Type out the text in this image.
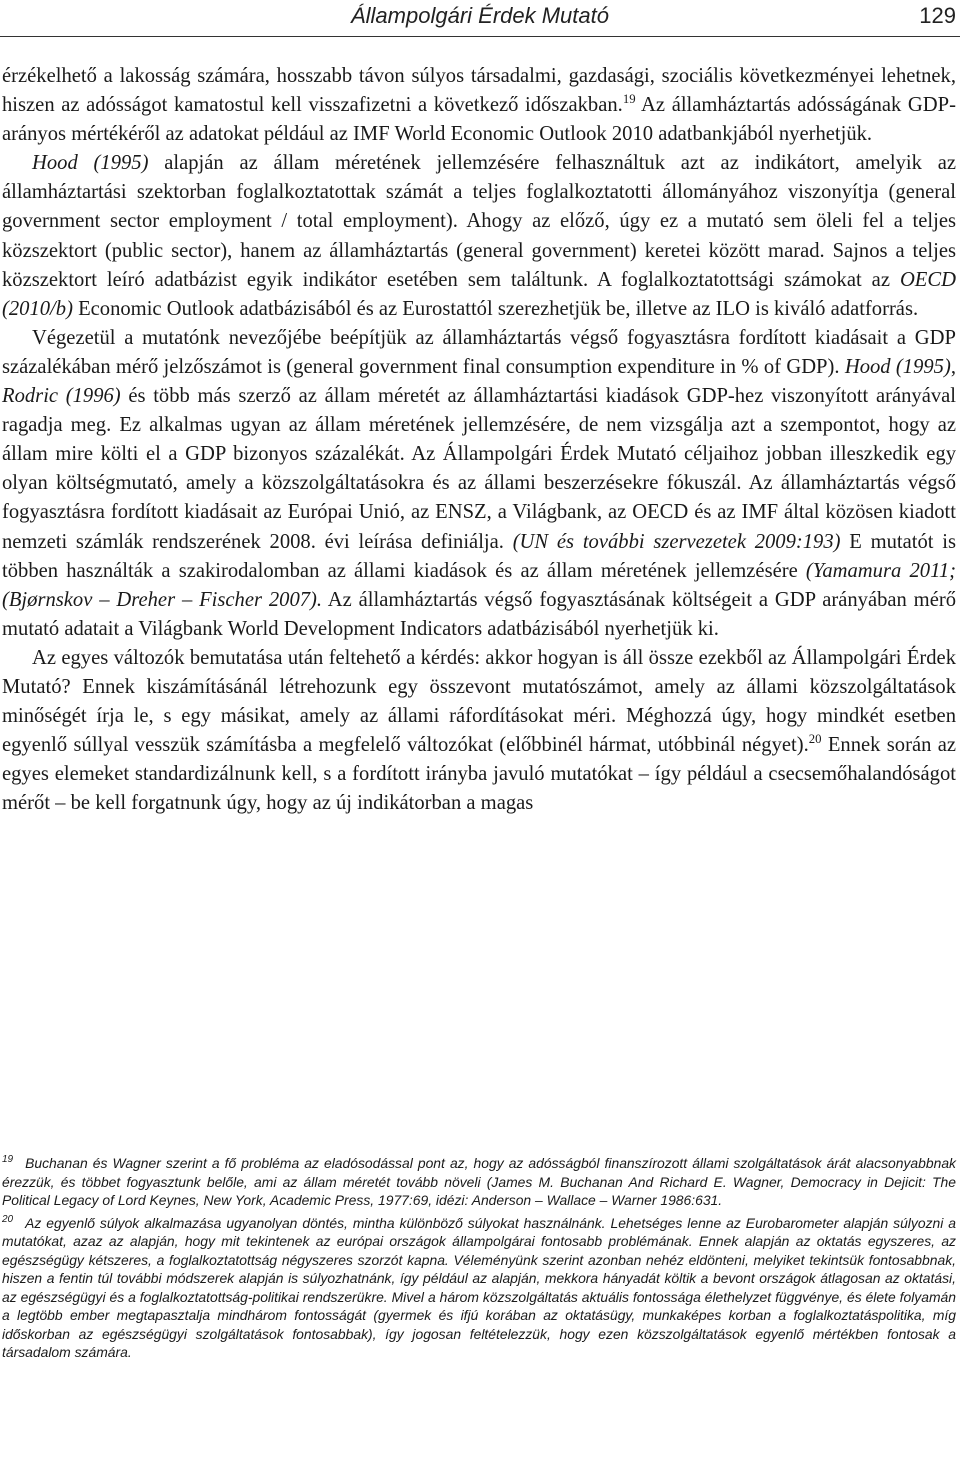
Állampolgári Érdek Mutató	129

érzékelhető a lakosság számára, hosszabb távon súlyos társadalmi, gazdasági, szociális következményei lehetnek, hiszen az adósságot kamatostul kell visszafizetni a következő időszakban.$^{19}$ Az államháztartás adósságának GDP-arányos mértékéről az adatokat például az IMF World Economic Outlook 2010 adatbankjából nyerhetjük.

Hood (1995) alapján az állam méretének jellemzésére felhasználtuk azt az indikátort, amelyik az államháztartási szektorban foglalkoztatottak számát a teljes foglalkoztatotti állományához viszonyítja (general government sector employment / total employment). Ahogy az előző, úgy ez a mutató sem öleli fel a teljes közszektort (public sector), hanem az államháztartás (general government) keretei között marad. Sajnos a teljes közszektort leíró adatbázist egyik indikátor esetében sem találtunk. A foglalkoztatottsági számokat az OECD (2010/b) Economic Outlook adatbázisából és az Eurostattól szerezhetjük be, illetve az ILO is kiváló adatforrás.

Végezetül a mutatónk nevezőjébe beépítjük az államháztartás végső fogyasztásra fordított kiadásait a GDP százalékában mérő jelzőszámot is (general government final consumption expenditure in % of GDP). Hood (1995), Rodric (1996) és több más szerző az állam méretét az államháztartási kiadások GDP-hez viszonyított arányával ragadja meg. Ez alkalmas ugyan az állam méretének jellemzésére, de nem vizsgálja azt a szempontot, hogy az állam mire költi el a GDP bizonyos százalékát. Az Állampolgári Érdek Mutató céljaihoz jobban illeszkedik egy olyan költségmutató, amely a közszolgáltatásokra és az állami beszerzésekre fókuszál. Az államháztartás végső fogyasztásra fordított kiadásait az Európai Unió, az ENSZ, a Világbank, az OECD és az IMF által közösen kiadott nemzeti számlák rendszerének 2008. évi leírása definiálja. (UN és további szervezetek 2009:193) E mutatót is többen használták a szakirodalomban az állami kiadások és az állam méretének jellemzésére (Yamamura 2011; (Bjørnskov – Dreher – Fischer 2007). Az államháztartás végső fogyasztásának költségeit a GDP arányában mérő mutató adatait a Világbank World Development Indicators adatbázisából nyerhetjük ki.

Az egyes változók bemutatása után feltehető a kérdés: akkor hogyan is áll össze ezekből az Állampolgári Érdek Mutató? Ennek kiszámításánál létrehozunk egy összevont mutatószámot, amely az állami közszolgáltatások minőségét írja le, s egy másikat, amely az állami ráfordításokat méri. Méghozzá úgy, hogy mindkét esetben egyenlő súllyal vesszük számításba a megfelelő változókat (előbbinél hármat, utóbbinál négyet).$^{20}$ Ennek során az egyes elemeket standardizálnunk kell, s a fordított irányba javuló mutatókat – így például a csecsemőhalandóságot mérőt – be kell forgatnunk úgy, hogy az új indikátorban a magas

$^{19}$ Buchanan és Wagner szerint a fő probléma az eladósodással pont az, hogy az adósságból finanszírozott állami szolgáltatások árát alacsonyabbnak érezzük, és többet fogyasztunk belőle, ami az állam méretét tovább növeli (James M. Buchanan And Richard E. Wagner, Democracy in Dejicit: The Political Legacy of Lord Keynes, New York, Academic Press, 1977:69, idézi: Anderson – Wallace – Warner 1986:631.

$^{20}$ Az egyenlő súlyok alkalmazása ugyanolyan döntés, mintha különböző súlyokat használnánk. Lehetséges lenne az Eurobarometer alapján súlyozni a mutatókat, azaz az alapján, hogy mit tekintenek az európai országok állampolgárai fontosabb problémának. Ennek alapján az oktatás egyszeres, az egészségügy kétszeres, a foglalkoztatottság négyszeres szorzót kapna. Véleményünk szerint azonban nehéz eldönteni, melyiket tekintsük fontosabbnak, hiszen a fentin túl további módszerek alapján is súlyozhatnánk, így például az alapján, mekkora hányadát költik a bevont országok átlagosan az oktatási, az egészségügyi és a foglalkoztatottság-politikai rendszerükre. Mivel a három közszolgáltatás aktuális fontossága élethelyzet függvénye, és élete folyamán a legtöbb ember megtapasztalja mindhárom fontosságát (gyermek és ifjú korában az oktatásügy, munkaképes korban a foglalkoztatáspolitika, míg időskorban az egészségügyi szolgáltatások fontosabbak), így jogosan feltételezzük, hogy ezen közszolgáltatások egyenlő mértékben fontosak a társadalom számára.
